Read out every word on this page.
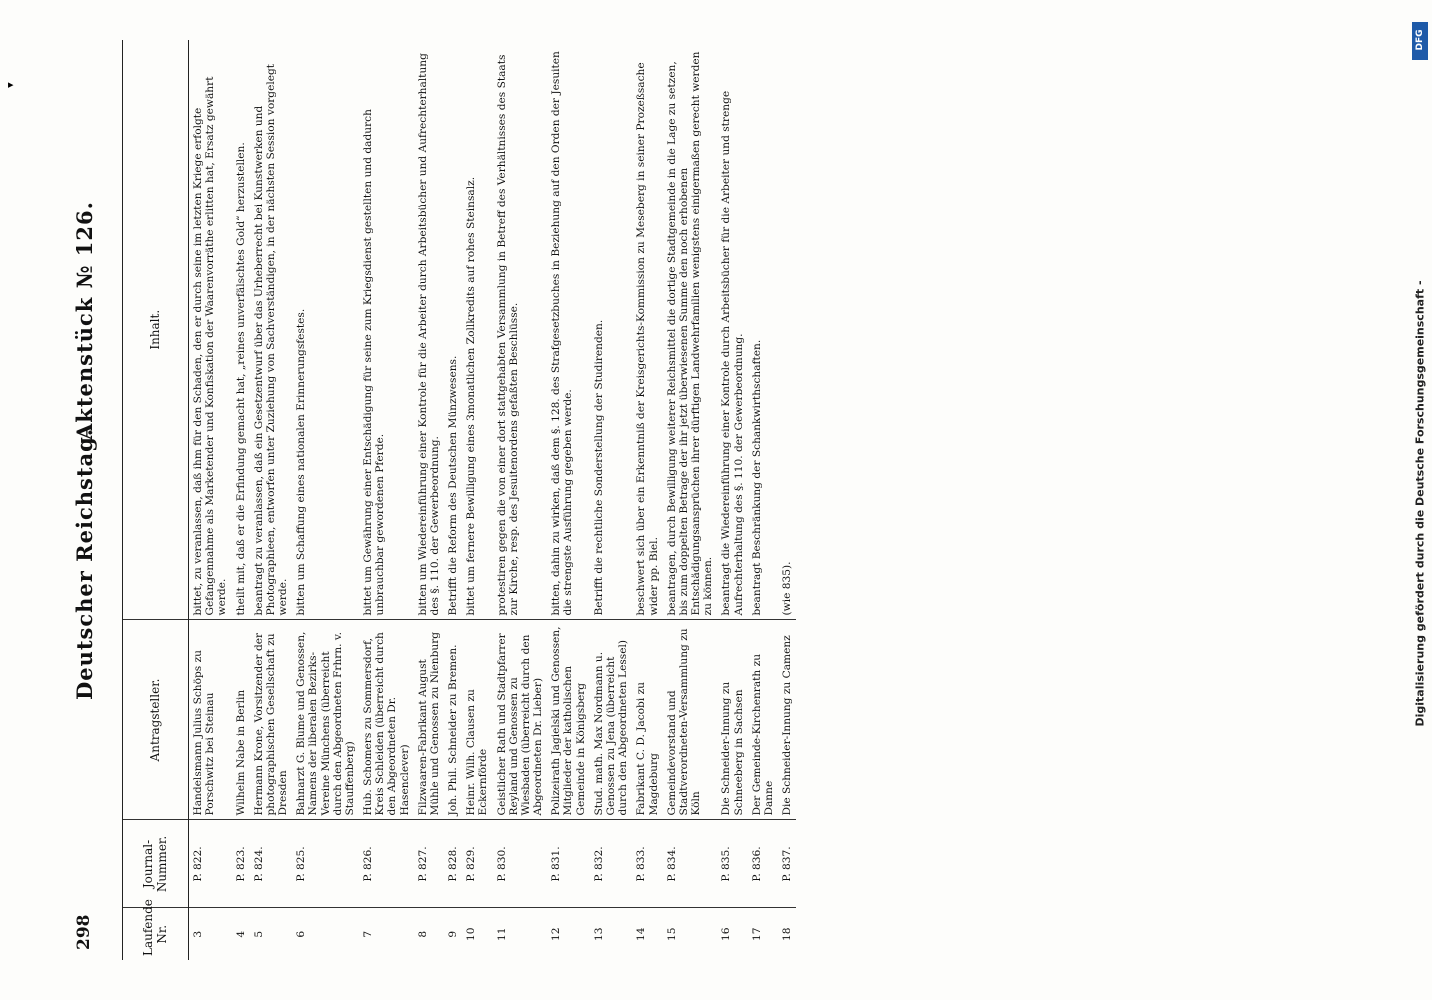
▸
298
Deutscher Reichstag.
Aktenstück № 126.
Laufende Nr.	Journal-Nummer.	Antragsteller.	Inhalt.
3	P. 822.	Handelsmann Julius Schöps zu Porschwitz bei Steinau	bittet, zu veranlassen, daß ihm für den Schaden, den er durch seine im letzten Kriege erfolgte Gefangennahme als Marketender und Konfiskation der Waarenvorräthe erlitten hat, Ersatz gewährt werde.
4	P. 823.	Wilhelm Nabe in Berlin	theilt mit, daß er die Erfindung gemacht hat, „reines unverfälschtes Gold“ herzustellen.
5	P. 824.	Hermann Krone, Vorsitzender der photographischen Gesellschaft zu Dresden	beantragt zu veranlassen, daß ein Gesetzentwurf über das Urheberrecht bei Kunstwerken und Photographieen, entworfen unter Zuziehung von Sachverständigen, in der nächsten Session vorgelegt werde.
6	P. 825.	Bahnarzt G. Blume und Genossen, Namens der liberalen Bezirks-Vereine Münchens (überreicht durch den Abgeordneten Frhrn. v. Stauffenberg)	bitten um Schaffung eines nationalen Erinnerungsfestes.
7	P. 826.	Hub. Schomers zu Sommersdorf, Kreis Schleiden (überreicht durch den Abgeordneten Dr. Hasenclever)	bittet um Gewährung einer Entschädigung für seine zum Kriegsdienst gestellten und dadurch unbrauchbar gewordenen Pferde.
8	P. 827.	Filzwaaren-Fabrikant August Mühle und Genossen zu Nienburg	bitten um Wiedereinführung einer Kontrole für die Arbeiter durch Arbeitsbücher und Aufrechterhaltung des §. 110. der Gewerbeordnung.
9	P. 828.	Joh. Phil. Schneider zu Bremen.	Betrifft die Reform des Deutschen Münzwesens.
10	P. 829.	Heinr. Wilh. Clausen zu Eckernförde	bittet um fernere Bewilligung eines 3monatlichen Zollkredits auf rohes Steinsalz.
11	P. 830.	Geistlicher Rath und Stadtpfarrer Reyland und Genossen zu Wiesbaden (überreicht durch den Abgeordneten Dr. Lieber)	protestiren gegen die von einer dort stattgehabten Versammlung in Betreff des Verhältnisses des Staats zur Kirche, resp. des Jesuitenordens gefaßten Beschlüsse.
12	P. 831.	Polizeirath Jagielski und Genossen, Mitglieder der katholischen Gemeinde in Königsberg	bitten, dahin zu wirken, daß dem §. 128. des Strafgesetzbuches in Beziehung auf den Orden der Jesuiten die strengste Ausführung gegeben werde.
13	P. 832.	Stud. math. Max Nordmann u. Genossen zu Jena (überreicht durch den Abgeordneten Lessel)	Betrifft die rechtliche Sonderstellung der Studirenden.
14	P. 833.	Fabrikant C. D. Jacobi zu Magdeburg	beschwert sich über ein Erkenntniß der Kreisgerichts-Kommission zu Meseberg in seiner Prozeßsache wider pp. Biel.
15	P. 834.	Gemeindevorstand und Stadtverordneten-Versammlung zu Köln	beantragen, durch Bewilligung weiterer Reichsmittel die dortige Stadtgemeinde in die Lage zu setzen, bis zum doppelten Betrage der ihr jetzt überwiesenen Summe den noch erhobenen Entschädigungsansprüchen ihrer dürftigen Landwehrfamilien wenigstens einigermaßen gerecht werden zu können.
16	P. 835.	Die Schneider-Innung zu Schneeberg in Sachsen	beantragt die Wiedereinführung einer Kontrole durch Arbeitsbücher für die Arbeiter und strenge Aufrechterhaltung des §. 110. der Gewerbeordnung.
17	P. 836.	Der Gemeinde-Kirchenrath zu Danne	beantragt Beschränkung der Schankwirthschaften.
18	P. 837.	Die Schneider-Innung zu Camenz	(wie 835).
DFG
Digitalisierung gefördert durch die Deutsche Forschungsgemeinschaft -
